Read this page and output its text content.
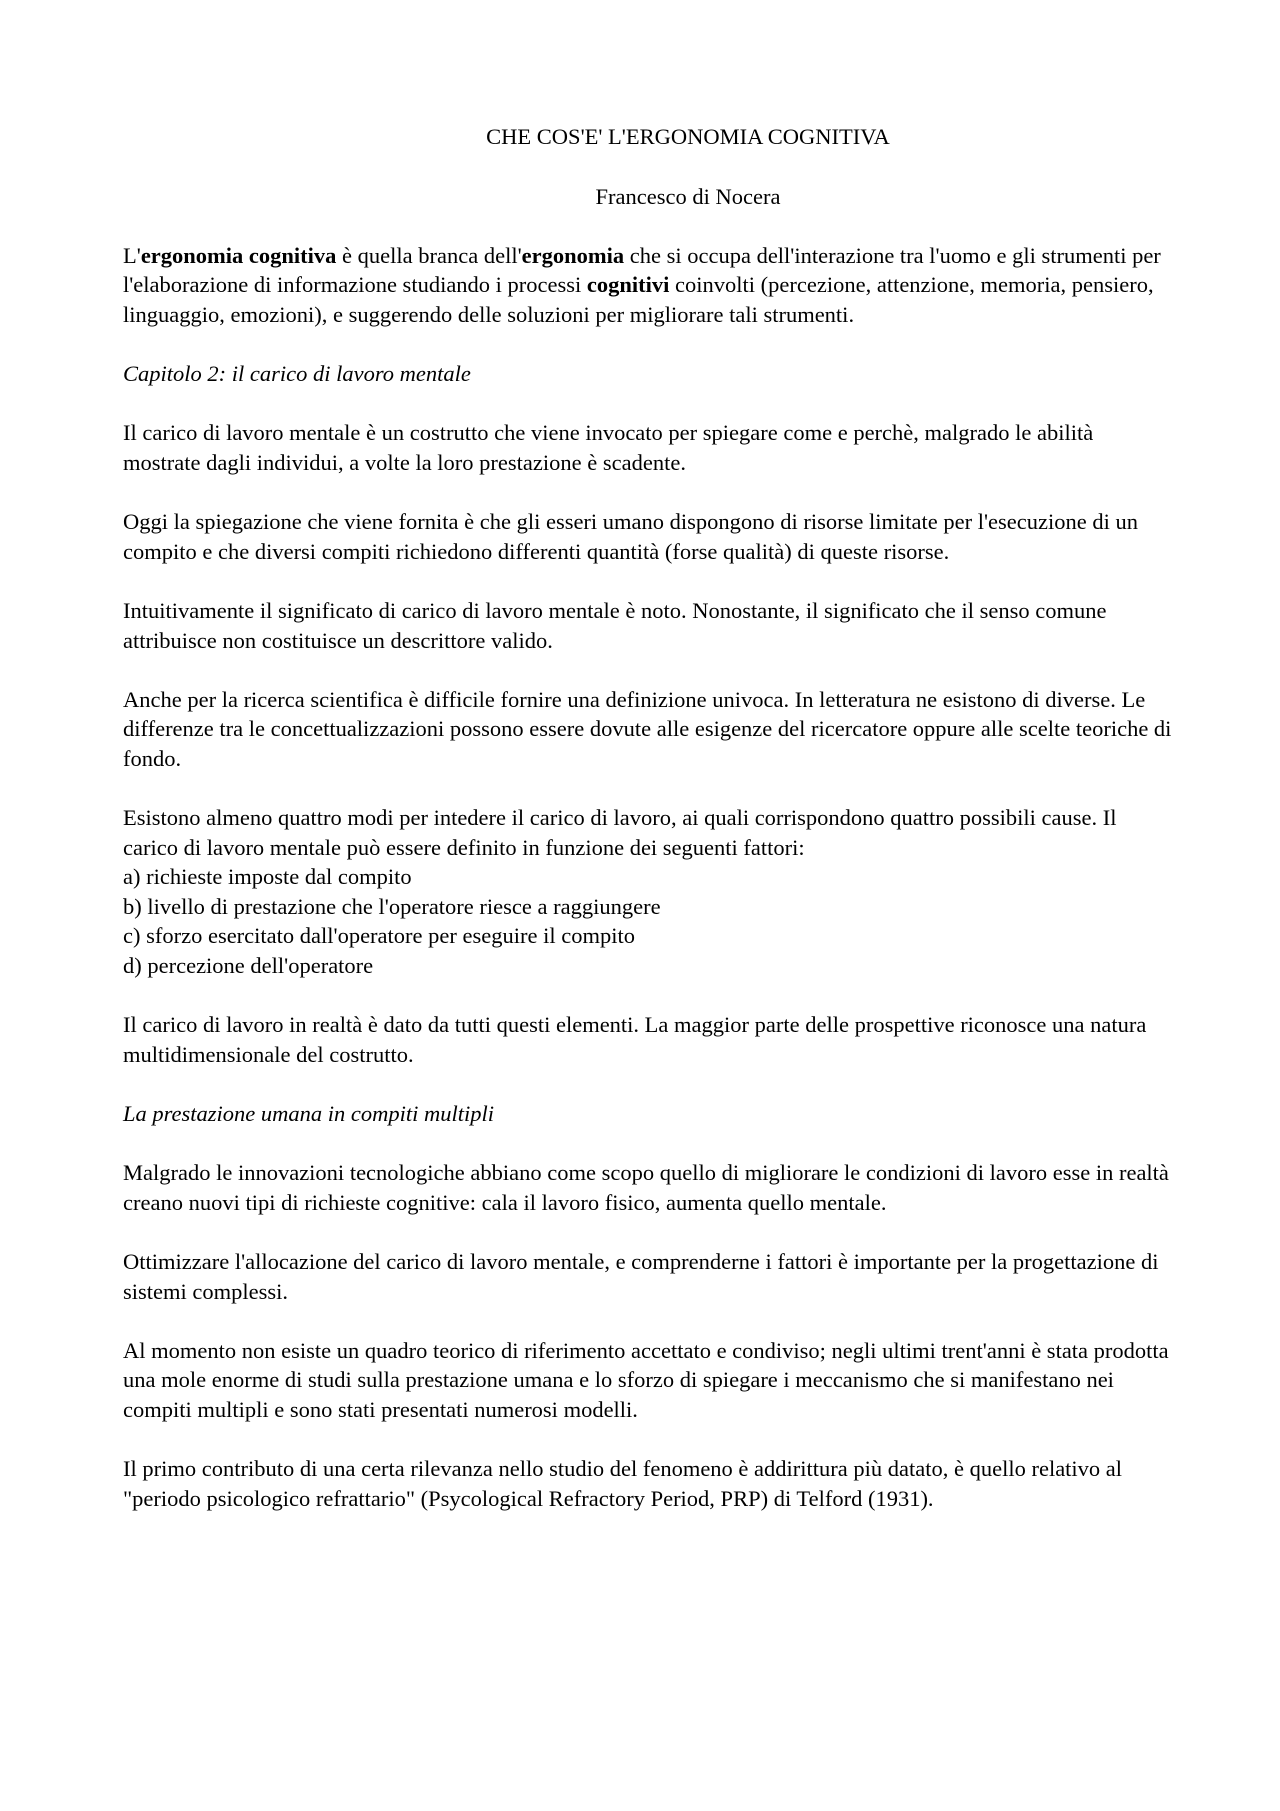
CHE COS'E' L'ERGONOMIA COGNITIVA

Francesco di Nocera

L'ergonomia cognitiva è quella branca dell'ergonomia che si occupa dell'interazione tra l'uomo e gli strumenti per l'elaborazione di informazione studiando i processi cognitivi coinvolti (percezione, attenzione, memoria, pensiero, linguaggio, emozioni), e suggerendo delle soluzioni per migliorare tali strumenti.

Capitolo 2: il carico di lavoro mentale

Il carico di lavoro mentale è un costrutto che viene invocato per spiegare come e perchè, malgrado le abilità mostrate dagli individui, a volte la loro prestazione è scadente.

Oggi la spiegazione che viene fornita è che gli esseri umano dispongono di risorse limitate per l'esecuzione di un compito e che diversi compiti richiedono differenti quantità (forse qualità) di queste risorse.

Intuitivamente il significato di carico di lavoro mentale è noto. Nonostante, il significato che il senso comune attribuisce non costituisce un descrittore valido.

Anche per la ricerca scientifica è difficile fornire una definizione univoca. In letteratura ne esistono di diverse. Le differenze tra le concettualizzazioni possono essere dovute alle esigenze del ricercatore oppure alle scelte teoriche di fondo.

Esistono almeno quattro modi per intedere il carico di lavoro, ai quali corrispondono quattro possibili cause. Il carico di lavoro mentale può essere definito in funzione dei seguenti fattori:

a) richieste imposte dal compito
b) livello di prestazione che l'operatore riesce a raggiungere
c) sforzo esercitato dall'operatore per eseguire il compito
d) percezione dell'operatore

Il carico di lavoro in realtà è dato da tutti questi elementi. La maggior parte delle prospettive riconosce una natura multidimensionale del costrutto.

La prestazione umana in compiti multipli

Malgrado le innovazioni tecnologiche abbiano come scopo quello di migliorare le condizioni di lavoro esse in realtà creano nuovi tipi di richieste cognitive: cala il lavoro fisico, aumenta quello mentale.

Ottimizzare l'allocazione del carico di lavoro mentale, e comprenderne i fattori è importante per la progettazione di sistemi complessi.

Al momento non esiste un quadro teorico di riferimento accettato e condiviso; negli ultimi trent'anni è stata prodotta una mole enorme di studi sulla prestazione umana e lo sforzo di spiegare i meccanismo che si manifestano nei compiti multipli e sono stati presentati numerosi modelli.

Il primo contributo di una certa rilevanza nello studio del fenomeno è addirittura più datato, è quello relativo al "periodo psicologico refrattario" (Psycological Refractory Period, PRP) di Telford (1931).
